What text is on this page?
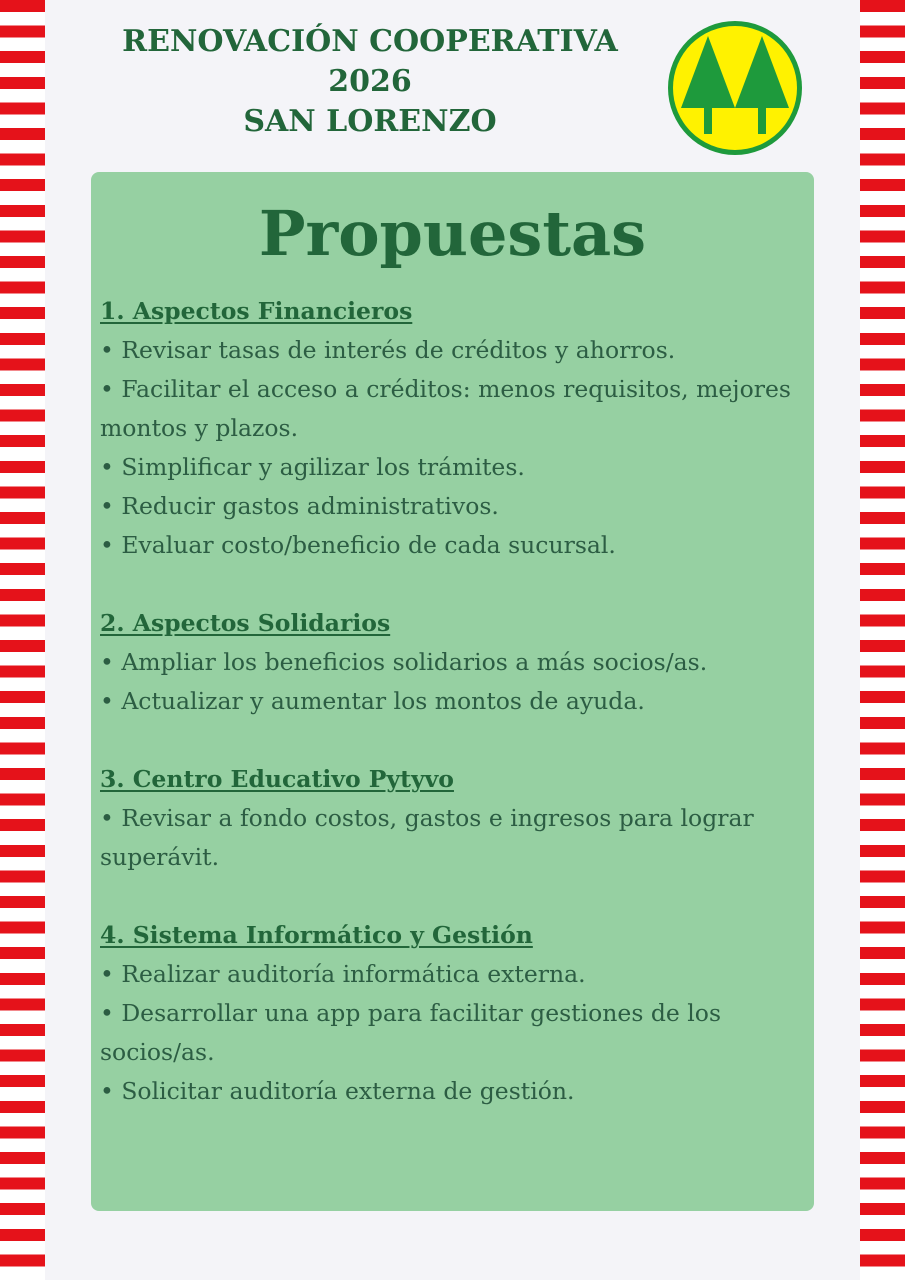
RENOVACIÓN COOPERATIVA
2026
SAN LORENZO
Propuestas
1. Aspectos Financieros
• Revisar tasas de interés de créditos y ahorros.
• Facilitar el acceso a créditos: menos requisitos, mejores montos y plazos.
• Simplificar y agilizar los trámites.
• Reducir gastos administrativos.
• Evaluar costo/beneficio de cada sucursal.
2. Aspectos Solidarios
• Ampliar los beneficios solidarios a más socios/as.
• Actualizar y aumentar los montos de ayuda.
3. Centro Educativo Pytyvo
• Revisar a fondo costos, gastos e ingresos para lograr superávit.
4. Sistema Informático y Gestión
• Realizar auditoría informática externa.
• Desarrollar una app para facilitar gestiones de los socios/as.
• Solicitar auditoría externa de gestión.
